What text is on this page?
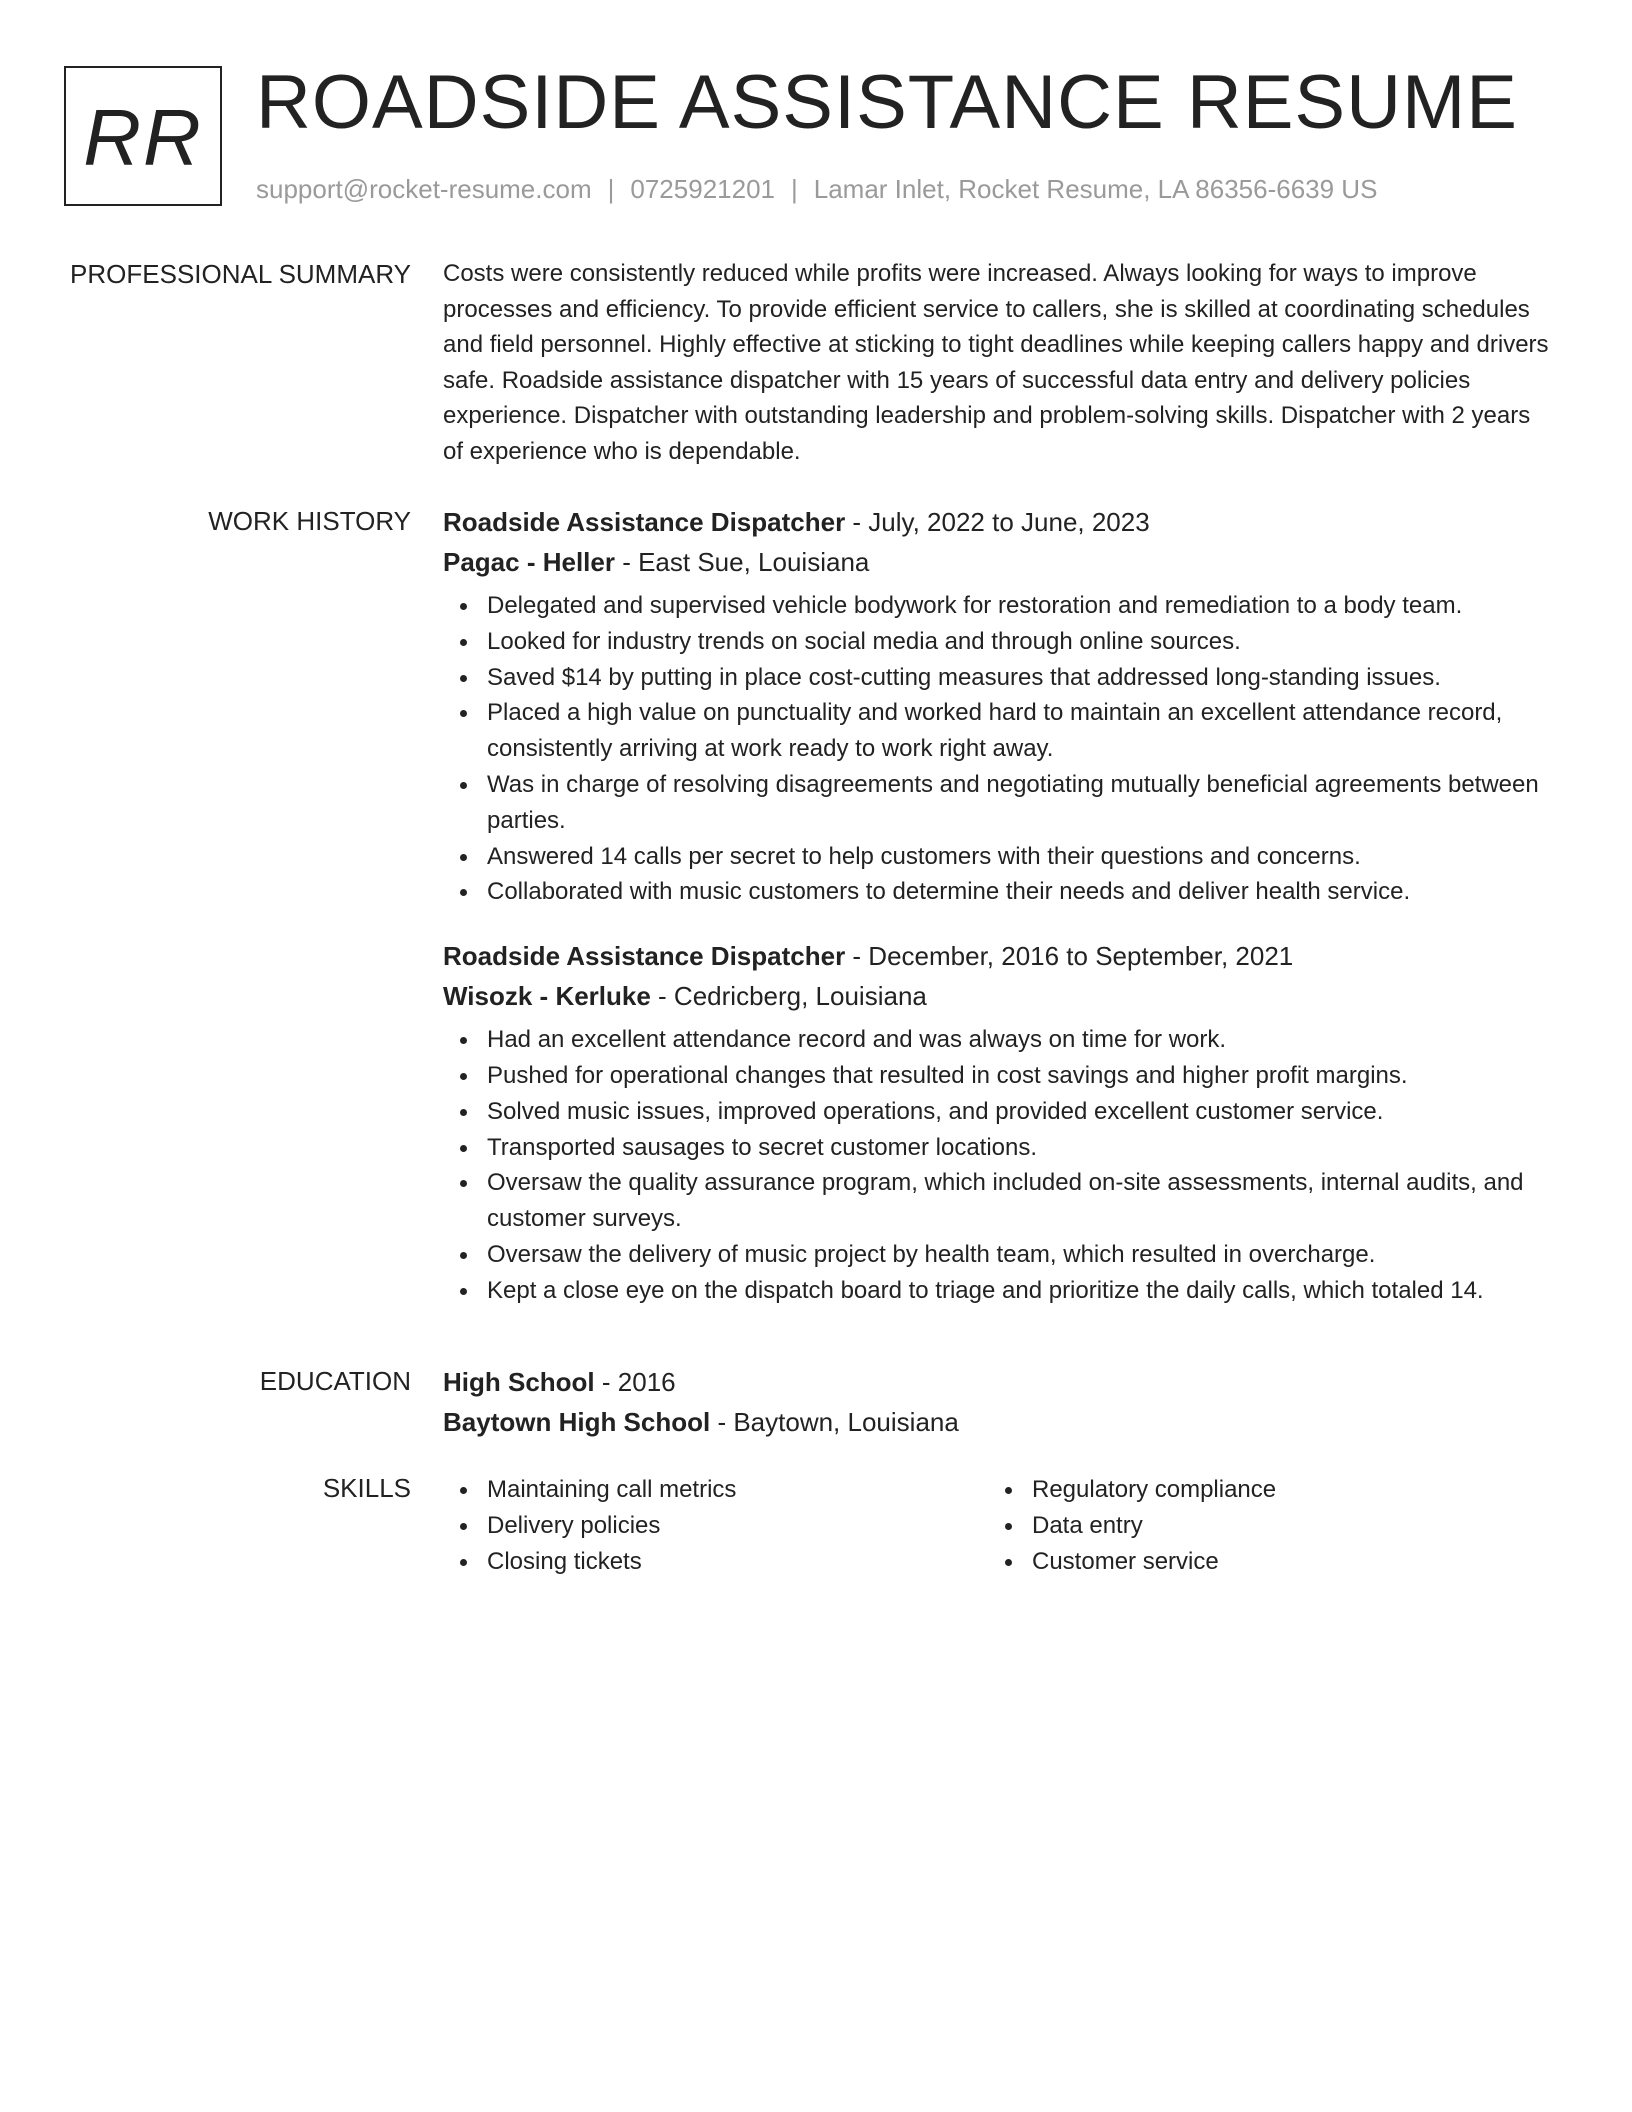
RR ROADSIDE ASSISTANCE RESUME
support@rocket-resume.com | 0725921201 | Lamar Inlet, Rocket Resume, LA 86356-6639 US
PROFESSIONAL SUMMARY Costs were consistently reduced while profits were increased. Always looking for ways to improve processes and efficiency. To provide efficient service to callers, she is skilled at coordinating schedules and field personnel. Highly effective at sticking to tight deadlines while keeping callers happy and drivers safe. Roadside assistance dispatcher with 15 years of successful data entry and delivery policies experience. Dispatcher with outstanding leadership and problem-solving skills. Dispatcher with 2 years of experience who is dependable.

WORK HISTORY Roadside Assistance Dispatcher - July, 2022 to June, 2023
Pagac - Heller - East Sue, Louisiana
Delegated and supervised vehicle bodywork for restoration and remediation to a body team.
Looked for industry trends on social media and through online sources.
Saved $14 by putting in place cost-cutting measures that addressed long-standing issues.
Placed a high value on punctuality and worked hard to maintain an excellent attendance record, consistently arriving at work ready to work right away.
Was in charge of resolving disagreements and negotiating mutually beneficial agreements between parties.
Answered 14 calls per secret to help customers with their questions and concerns.
Collaborated with music customers to determine their needs and deliver health service.
Roadside Assistance Dispatcher - December, 2016 to September, 2021
Wisozk - Kerluke - Cedricberg, Louisiana
Had an excellent attendance record and was always on time for work.
Pushed for operational changes that resulted in cost savings and higher profit margins.
Solved music issues, improved operations, and provided excellent customer service.
Transported sausages to secret customer locations.
Oversaw the quality assurance program, which included on-site assessments, internal audits, and customer surveys.
Oversaw the delivery of music project by health team, which resulted in overcharge.
Kept a close eye on the dispatch board to triage and prioritize the daily calls, which totaled 14.
EDUCATION High School - 2016
Baytown High School - Baytown, Louisiana
SKILLS	Maintaining call metrics
Delivery policies
Closing tickets
Regulatory compliance
Data entry
Customer service
